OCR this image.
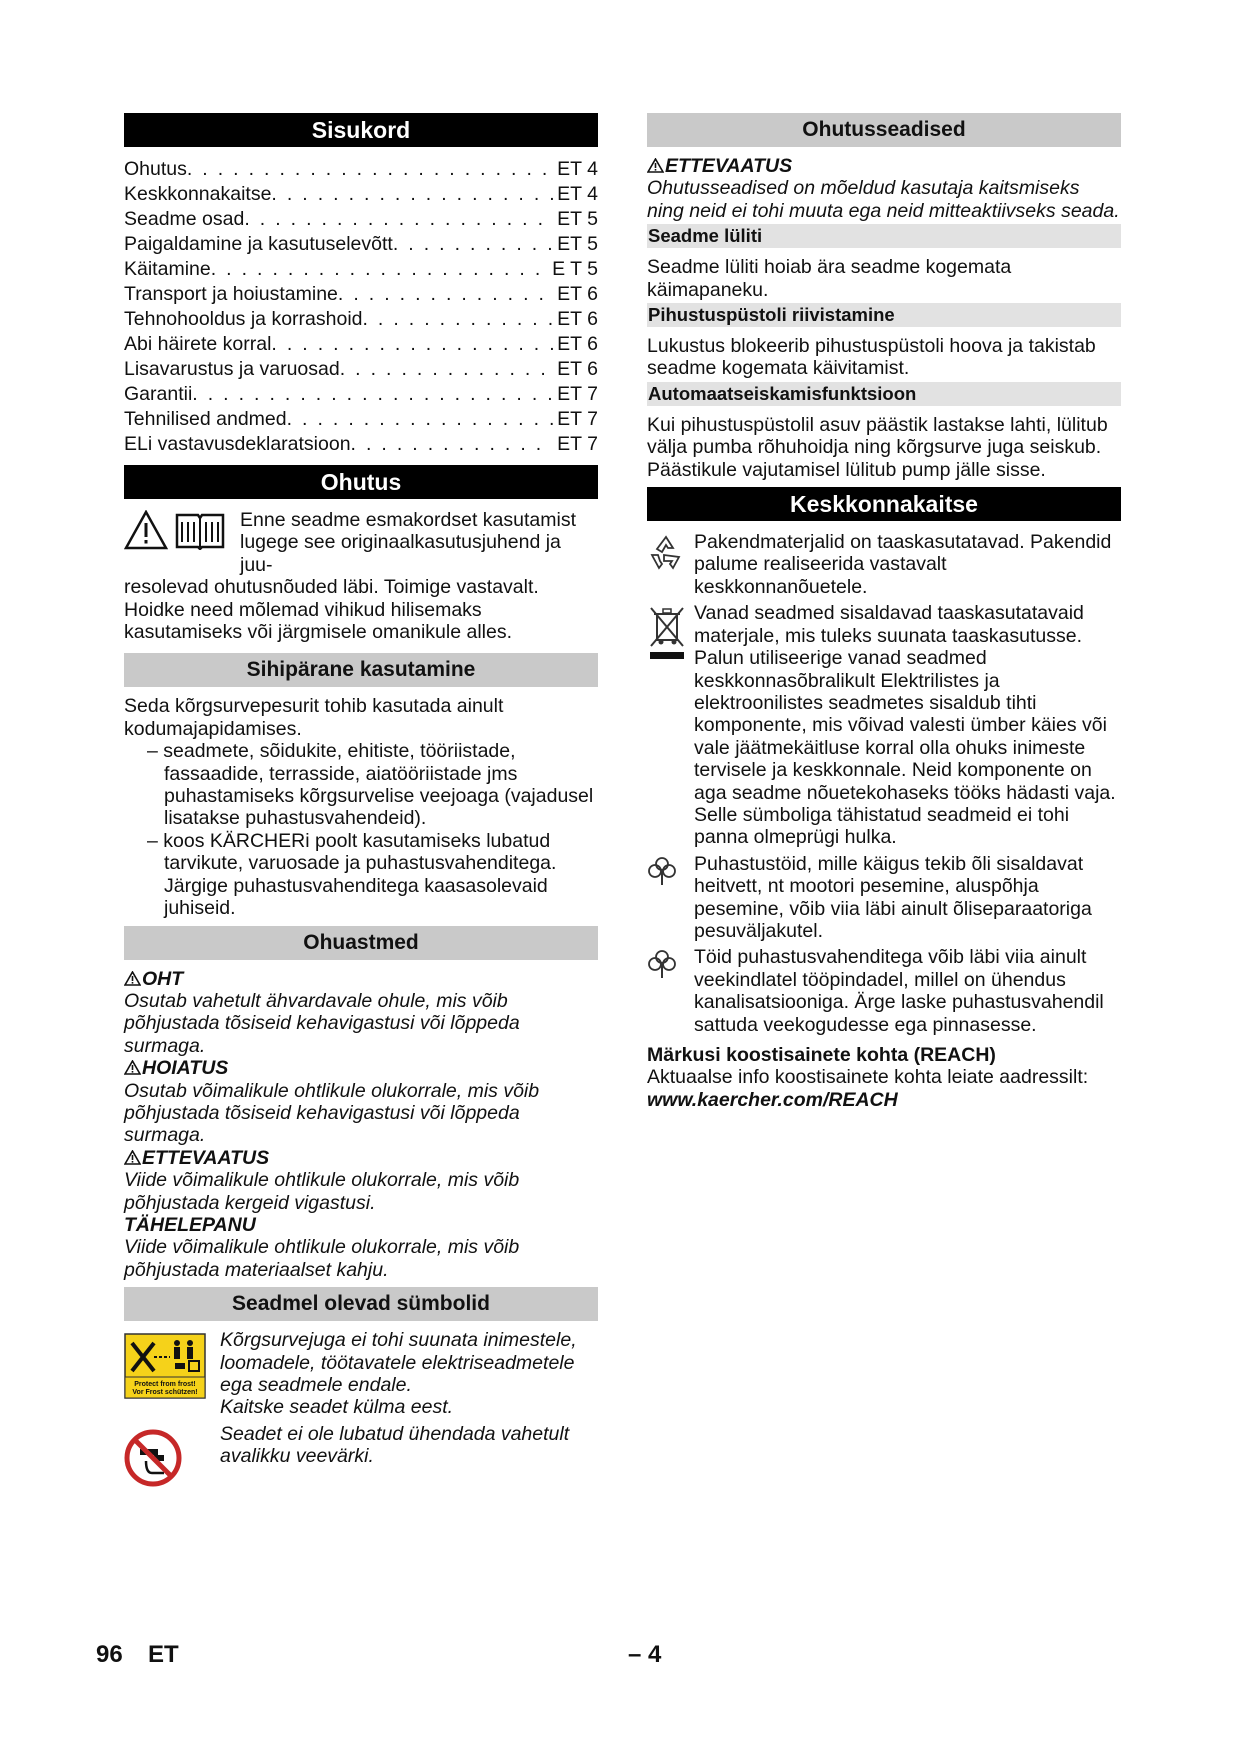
Sisukord
Ohutus . . .	ET 4
Keskkonnakaitse . . .	ET 4
Seadme osad . . .	ET 5
Paigaldamine ja kasutuselevõtt . . .	ET 5
Käitamine . . .	E T 5
Transport ja hoiustamine . . .	ET 6
Tehnohooldus ja korrashoid . . .	ET 6
Abi häirete korral . . .	ET 6
Lisavarustus ja varuosad . . .	ET 6
Garantii . . .	ET 7
Tehnilised andmed . . .	ET 7
ELi vastavusdeklaratsioon . . .	ET 7
Ohutus

Enne seadme esmakordset kasutamist

lugege see originaalkasutusjuhend ja juu-

resolevad ohutusnõuded läbi. Toimige vastavalt. Hoidke need mõlemad vihikud hilisemaks kasutamiseks või järgmisele omanikule alles.

Sihipärane kasutamine

Seda kõrgsurvepesurit tohib kasutada ainult kodumajapidamises.

– seadmete, sõidukite, ehitiste, tööriistade, fassaadide, terrasside, aiatööriistade jms puhastamiseks kõrgsurvelise veejoaga (vajadusel lisatakse puhastusvahendeid).

– koos KÄRCHERi poolt kasutamiseks lubatud tarvikute, varuosade ja puhastusvahenditega. Järgige puhastusvahenditega kaasasolevaid juhiseid.

Ohuastmed

OHT

Osutab vahetult ähvardavale ohule, mis võib põhjustada tõsiseid kehavigastusi või lõppeda surmaga.

HOIATUS

Osutab võimalikule ohtlikule olukorrale, mis võib põhjustada tõsiseid kehavigastusi või lõppeda surmaga.

ETTEVAATUS

Viide võimalikule ohtlikule olukorrale, mis võib põhjustada kergeid vigastusi.

TÄHELEPANU

Viide võimalikule ohtlikule olukorrale, mis võib põhjustada materiaalset kahju.

Seadmel olevad sümbolid
Protect from frost!
Vor Frost schützen!

Kõrgsurvejuga ei tohi suunata inimestele, loomadele, töötavatele elektriseadmetele ega seadmele endale.

Kaitske seadet külma eest.

Seadet ei ole lubatud ühendada vahetult avalikku veevärki.

Ohutusseadised

ETTEVAATUS

Ohutusseadised on mõeldud kasutaja kaitsmiseks ning neid ei tohi muuta ega neid mitteaktiivseks seada.

Seadme lüliti

Seadme lüliti hoiab ära seadme kogemata käimapaneku.

Pihustuspüstoli riivistamine

Lukustus blokeerib pihustuspüstoli hoova ja takistab seadme kogemata käivitamist.

Automaatseiskamisfunktsioon

Kui pihustuspüstolil asuv päästik lastakse lahti, lülitub välja pumba rõhuhoidja ning kõrgsurve juga seiskub. Päästikule vajutamisel lülitub pump jälle sisse.

Keskkonnakaitse

Pakendmaterjalid on taaskasutatavad. Pakendid palume realiseerida vastavalt keskkonnanõuetele.

Vanad seadmed sisaldavad taaskasutatavaid materjale, mis tuleks suunata taaskasutusse. Palun utiliseerige vanad seadmed keskkonnasõbralikult Elektrilistes ja elektroonilistes seadmetes sisaldub tihti komponente, mis võivad valesti ümber käies või vale jäätmekäitluse korral olla ohuks inimeste tervisele ja keskkonnale. Neid komponente on aga seadme nõuetekohaseks tööks hädasti vaja. Selle sümboliga tähistatud seadmeid ei tohi panna olmeprügi hulka.

Puhastustöid, mille käigus tekib õli sisaldavat heitvett, nt mootori pesemine, aluspõhja pesemine, võib viia läbi ainult õliseparaatoriga pesuväljakutel.

Töid puhastusvahenditega võib läbi viia ainult veekindlatel tööpindadel, millel on ühendus kanalisatsiooniga. Ärge laske puhastusvahendil sattuda veekogudesse ega pinnasesse.

Märkusi koostisainete kohta (REACH)

Aktuaalse info koostisainete kohta leiate aadressilt:

www.kaercher.com/REACH

96 ET	– 4
